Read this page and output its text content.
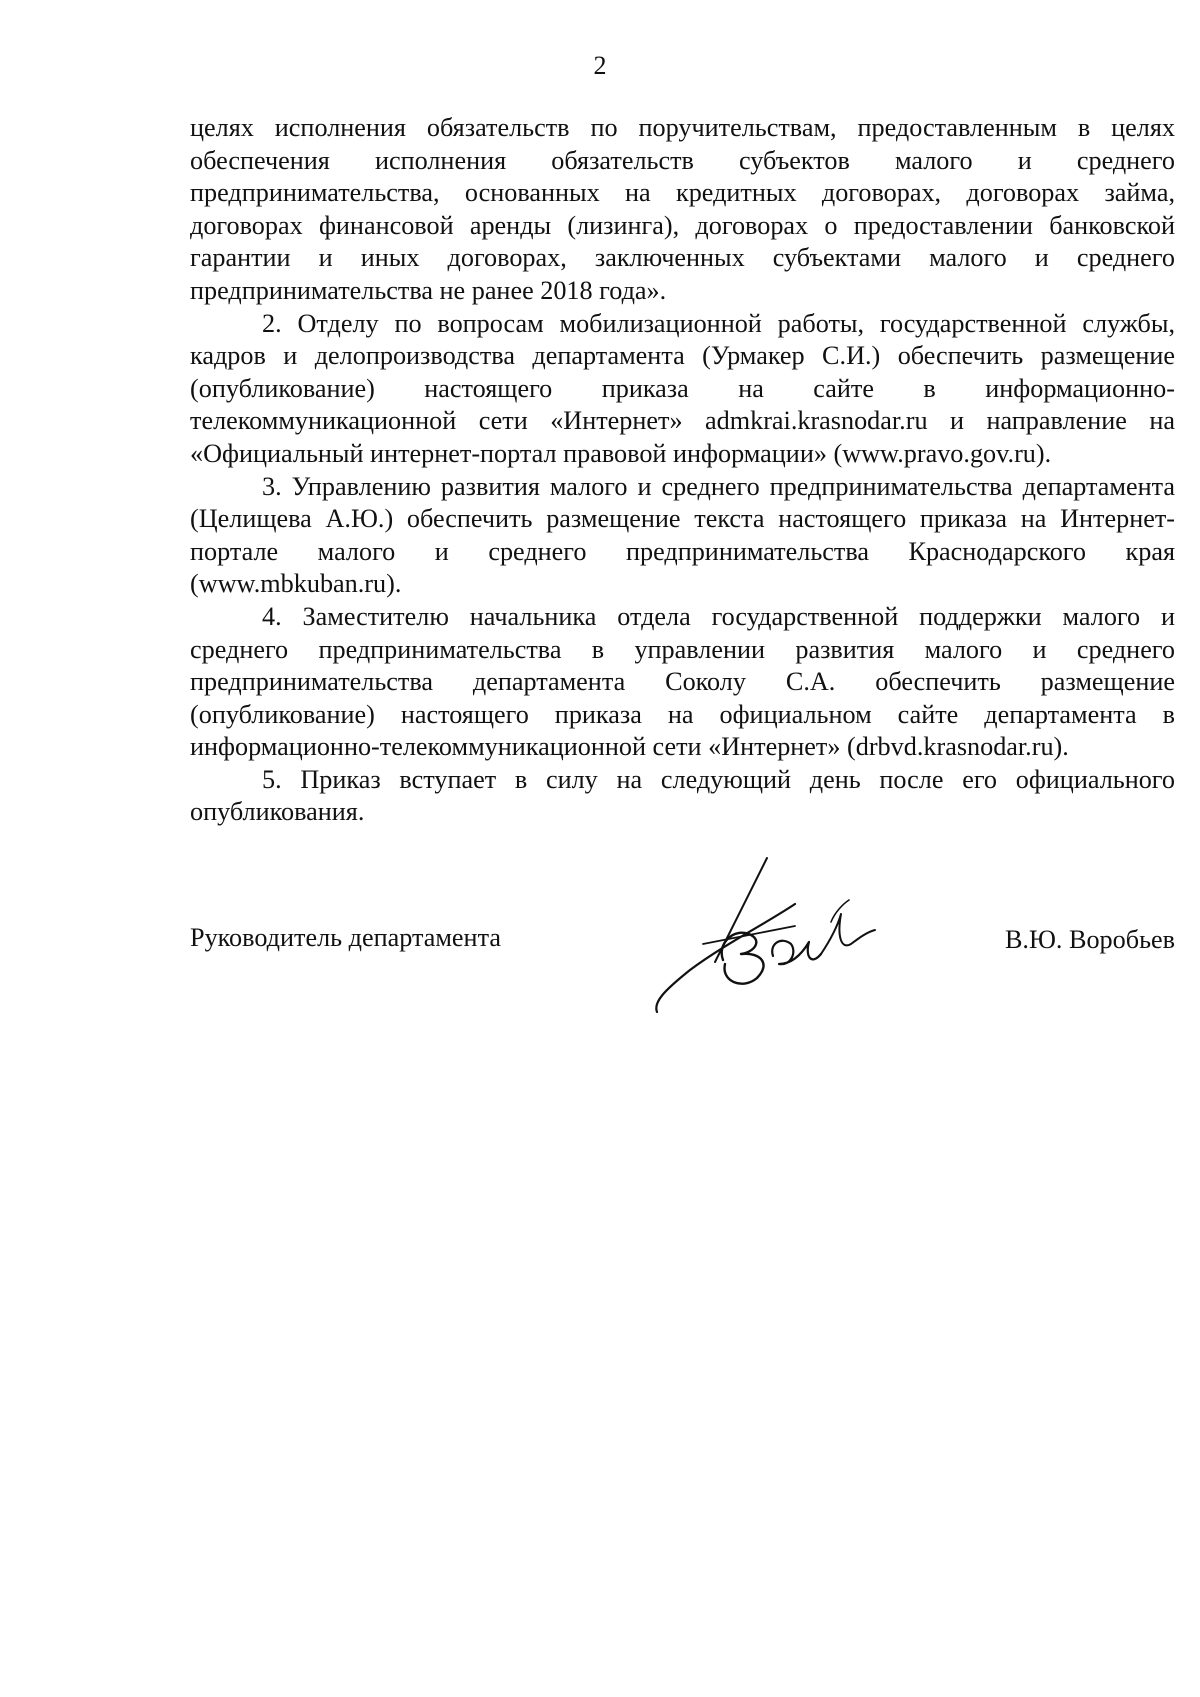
2

целях исполнения обязательств по поручительствам, предоставленным в целях обеспечения исполнения обязательств субъектов малого и среднего предпринимательства, основанных на кредитных договорах, договорах займа, договорах финансовой аренды (лизинга), договорах о предоставлении банковской гарантии и иных договорах, заключенных субъектами малого и среднего предпринимательства не ранее 2018 года».

2. Отделу по вопросам мобилизационной работы, государственной службы, кадров и делопроизводства департамента (Урмакер С.И.) обеспечить размещение (опубликование) настоящего приказа на сайте в информационно-телекоммуникационной сети «Интернет» admkrai.krasnodar.ru и направление на «Официальный интернет-портал правовой информации» (www.pravo.gov.ru).

3. Управлению развития малого и среднего предпринимательства департамента (Целищева А.Ю.) обеспечить размещение текста настоящего приказа на Интернет-портале малого и среднего предпринимательства Краснодарского края (www.mbkuban.ru).

4. Заместителю начальника отдела государственной поддержки малого и среднего предпринимательства в управлении развития малого и среднего предпринимательства департамента Соколу С.А. обеспечить размещение (опубликование) настоящего приказа на официальном сайте департамента в информационно-телекоммуникационной сети «Интернет» (drbvd.krasnodar.ru).

5. Приказ вступает в силу на следующий день после его официального опубликования.

Руководитель департамента	В.Ю. Воробьев
